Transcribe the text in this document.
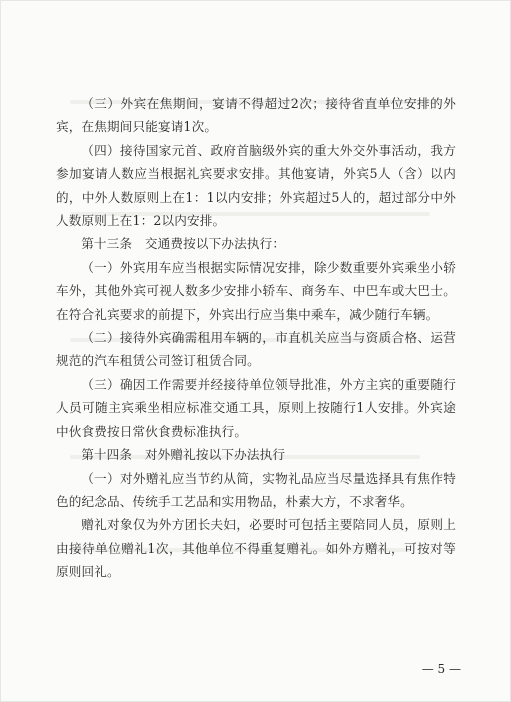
（三）外宾在焦期间，宴请不得超过2次；接待省直单位安排的外宾，在焦期间只能宴请1次。

（四）接待国家元首、政府首脑级外宾的重大外交外事活动，我方参加宴请人数应当根据礼宾要求安排。其他宴请，外宾5人（含）以内的，中外人数原则上在1：1以内安排；外宾超过5人的，超过部分中外人数原则上在1：2以内安排。

第十三条　交通费按以下办法执行：

（一）外宾用车应当根据实际情况安排，除少数重要外宾乘坐小轿车外，其他外宾可视人数多少安排小轿车、商务车、中巴车或大巴士。在符合礼宾要求的前提下，外宾出行应当集中乘车，减少随行车辆。

（二）接待外宾确需租用车辆的，市直机关应当与资质合格、运营规范的汽车租赁公司签订租赁合同。

（三）确因工作需要并经接待单位领导批准，外方主宾的重要随行人员可随主宾乘坐相应标准交通工具，原则上按随行1人安排。外宾途中伙食费按日常伙食费标准执行。

第十四条　对外赠礼按以下办法执行

（一）对外赠礼应当节约从简，实物礼品应当尽量选择具有焦作特色的纪念品、传统手工艺品和实用物品，朴素大方，不求奢华。

赠礼对象仅为外方团长夫妇，必要时可包括主要陪同人员，原则上由接待单位赠礼1次，其他单位不得重复赠礼。如外方赠礼，可按对等原则回礼。

— 5 —
